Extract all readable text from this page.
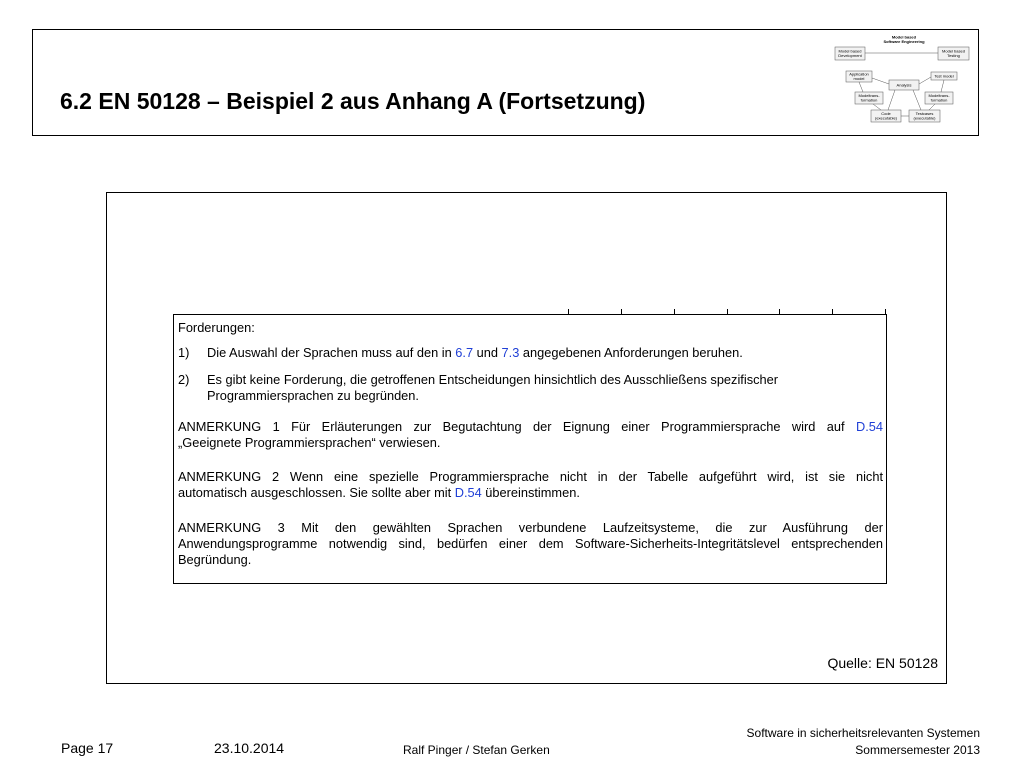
6.2 EN 50128 – Beispiel 2 aus Anhang A (Fortsetzung)
Model based
Software Engineering
Model based
Development
Model based
Testing
Application
model	Test model
Analysis
Modeltrans-
formation
Modeltrans-
formation
Code
(executable)
Testcases
(executable)
Forderungen:
1) Die Auswahl der Sprachen muss auf den in 6.7 und 7.3 angegebenen Anforderungen beruhen.
2) Es gibt keine Forderung, die getroffenen Entscheidungen hinsichtlich des Ausschließens spezifischer Programmiersprachen zu begründen.

ANMERKUNG 1 Für Erläuterungen zur Begutachtung der Eignung einer Programmiersprache wird auf D.54

„Geeignete Programmiersprachen“ verwiesen.

ANMERKUNG 2 Wenn eine spezielle Programmiersprache nicht in der Tabelle aufgeführt wird, ist sie nicht

automatisch ausgeschlossen. Sie sollte aber mit D.54 übereinstimmen.

ANMERKUNG 3 Mit den gewählten Sprachen verbundene Laufzeitsysteme, die zur Ausführung der

Anwendungsprogramme notwendig sind, bedürfen einer dem Software-Sicherheits-Integritätslevel entsprechenden

Begründung.

Quelle: EN 50128
Page 17	23.10.2014	Ralf Pinger / Stefan Gerken
Software in sicherheitsrelevanten Systemen
Sommersemester 2013
